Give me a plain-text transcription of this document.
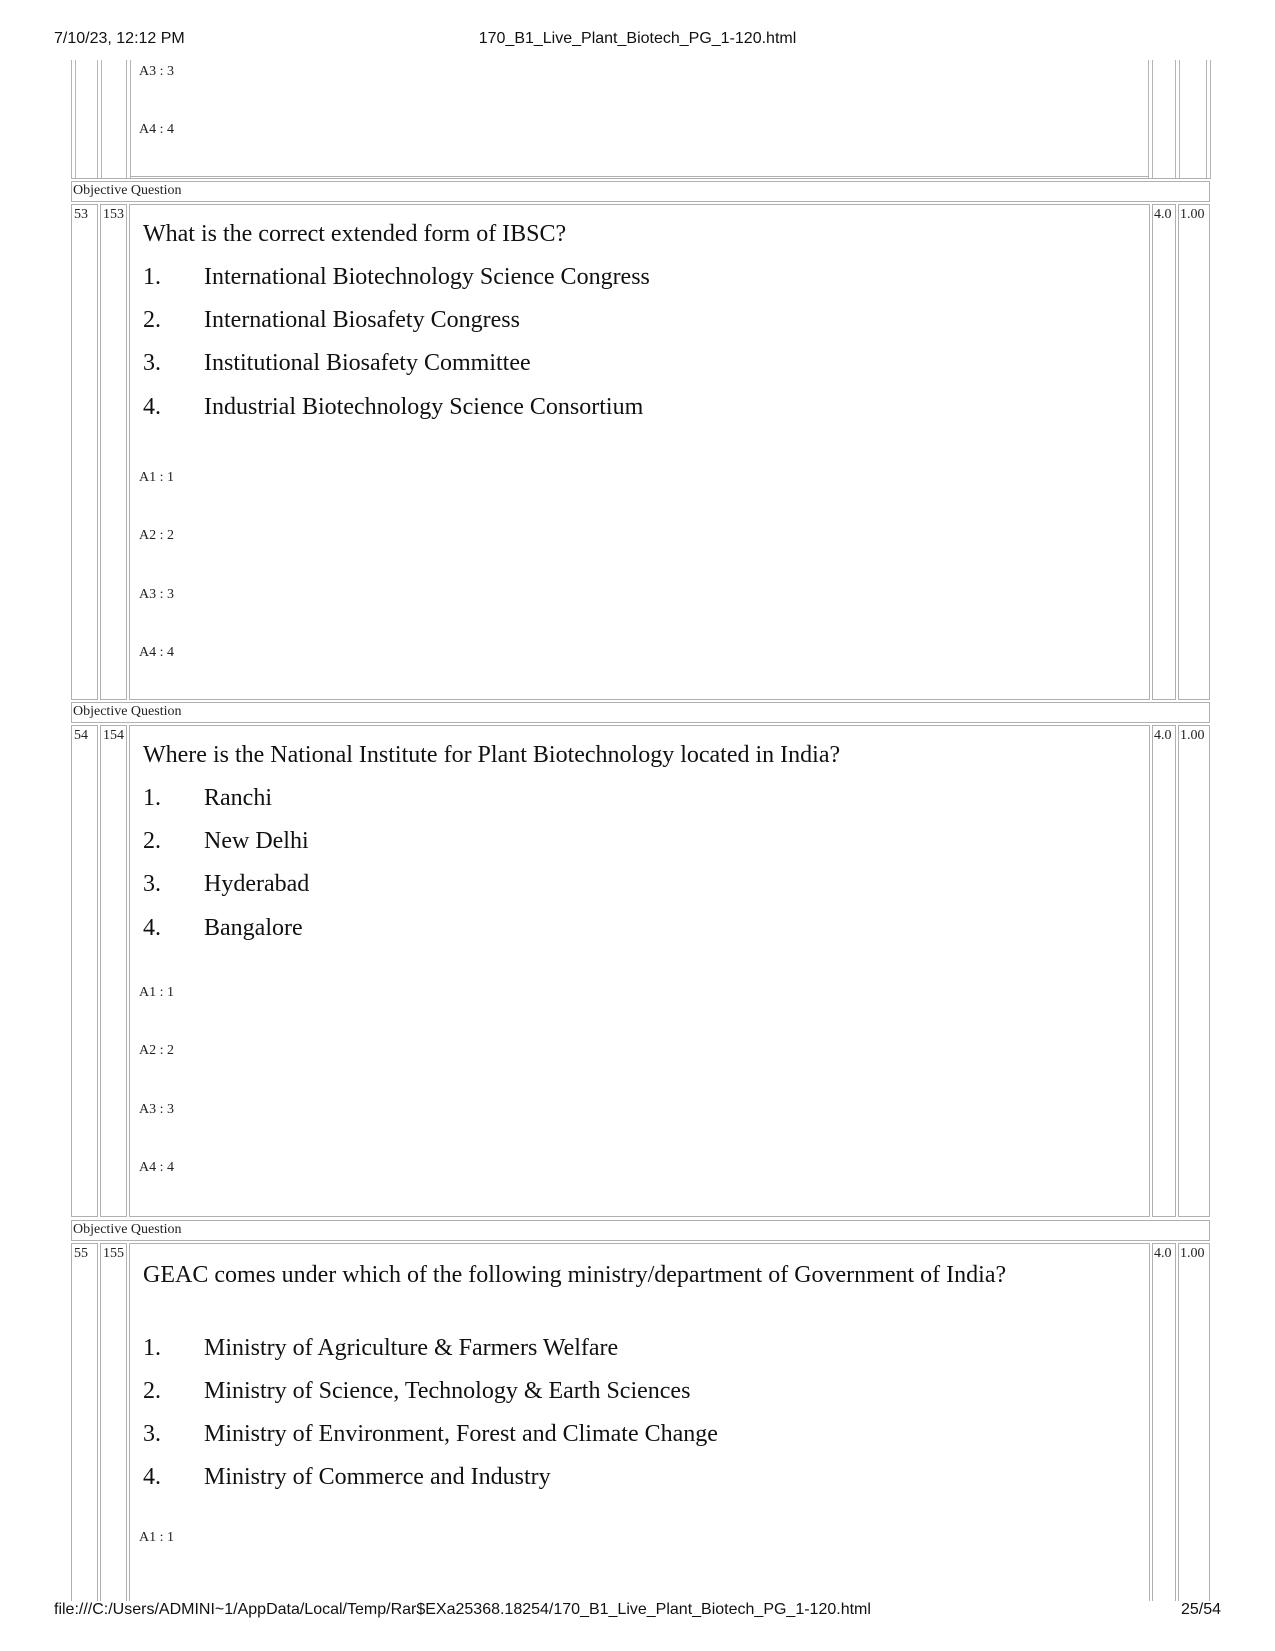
7/10/23, 12:12 PM	170_B1_Live_Plant_Biotech_PG_1-120.html
A3 : 3
A4 : 4
Objective Question
53 153	4.0 1.00
What is the correct extended form of IBSC?
1. International Biotechnology Science Congress
2. International Biosafety Congress
3. Institutional Biosafety Committee
4. Industrial Biotechnology Science Consortium
A1 : 1
A2 : 2
A3 : 3
A4 : 4
Objective Question
54 154	4.0 1.00
Where is the National Institute for Plant Biotechnology located in India?
1. Ranchi
2. New Delhi
3. Hyderabad
4. Bangalore
A1 : 1
A2 : 2
A3 : 3
A4 : 4
Objective Question
55 155	4.0 1.00
GEAC comes under which of the following ministry/department of Government of India?
1. Ministry of Agriculture & Farmers Welfare
2. Ministry of Science, Technology & Earth Sciences
3. Ministry of Environment, Forest and Climate Change
4. Ministry of Commerce and Industry
A1 : 1
file:///C:/Users/ADMINI~1/AppData/Local/Temp/Rar$EXa25368.18254/170_B1_Live_Plant_Biotech_PG_1-120.html	25/54
